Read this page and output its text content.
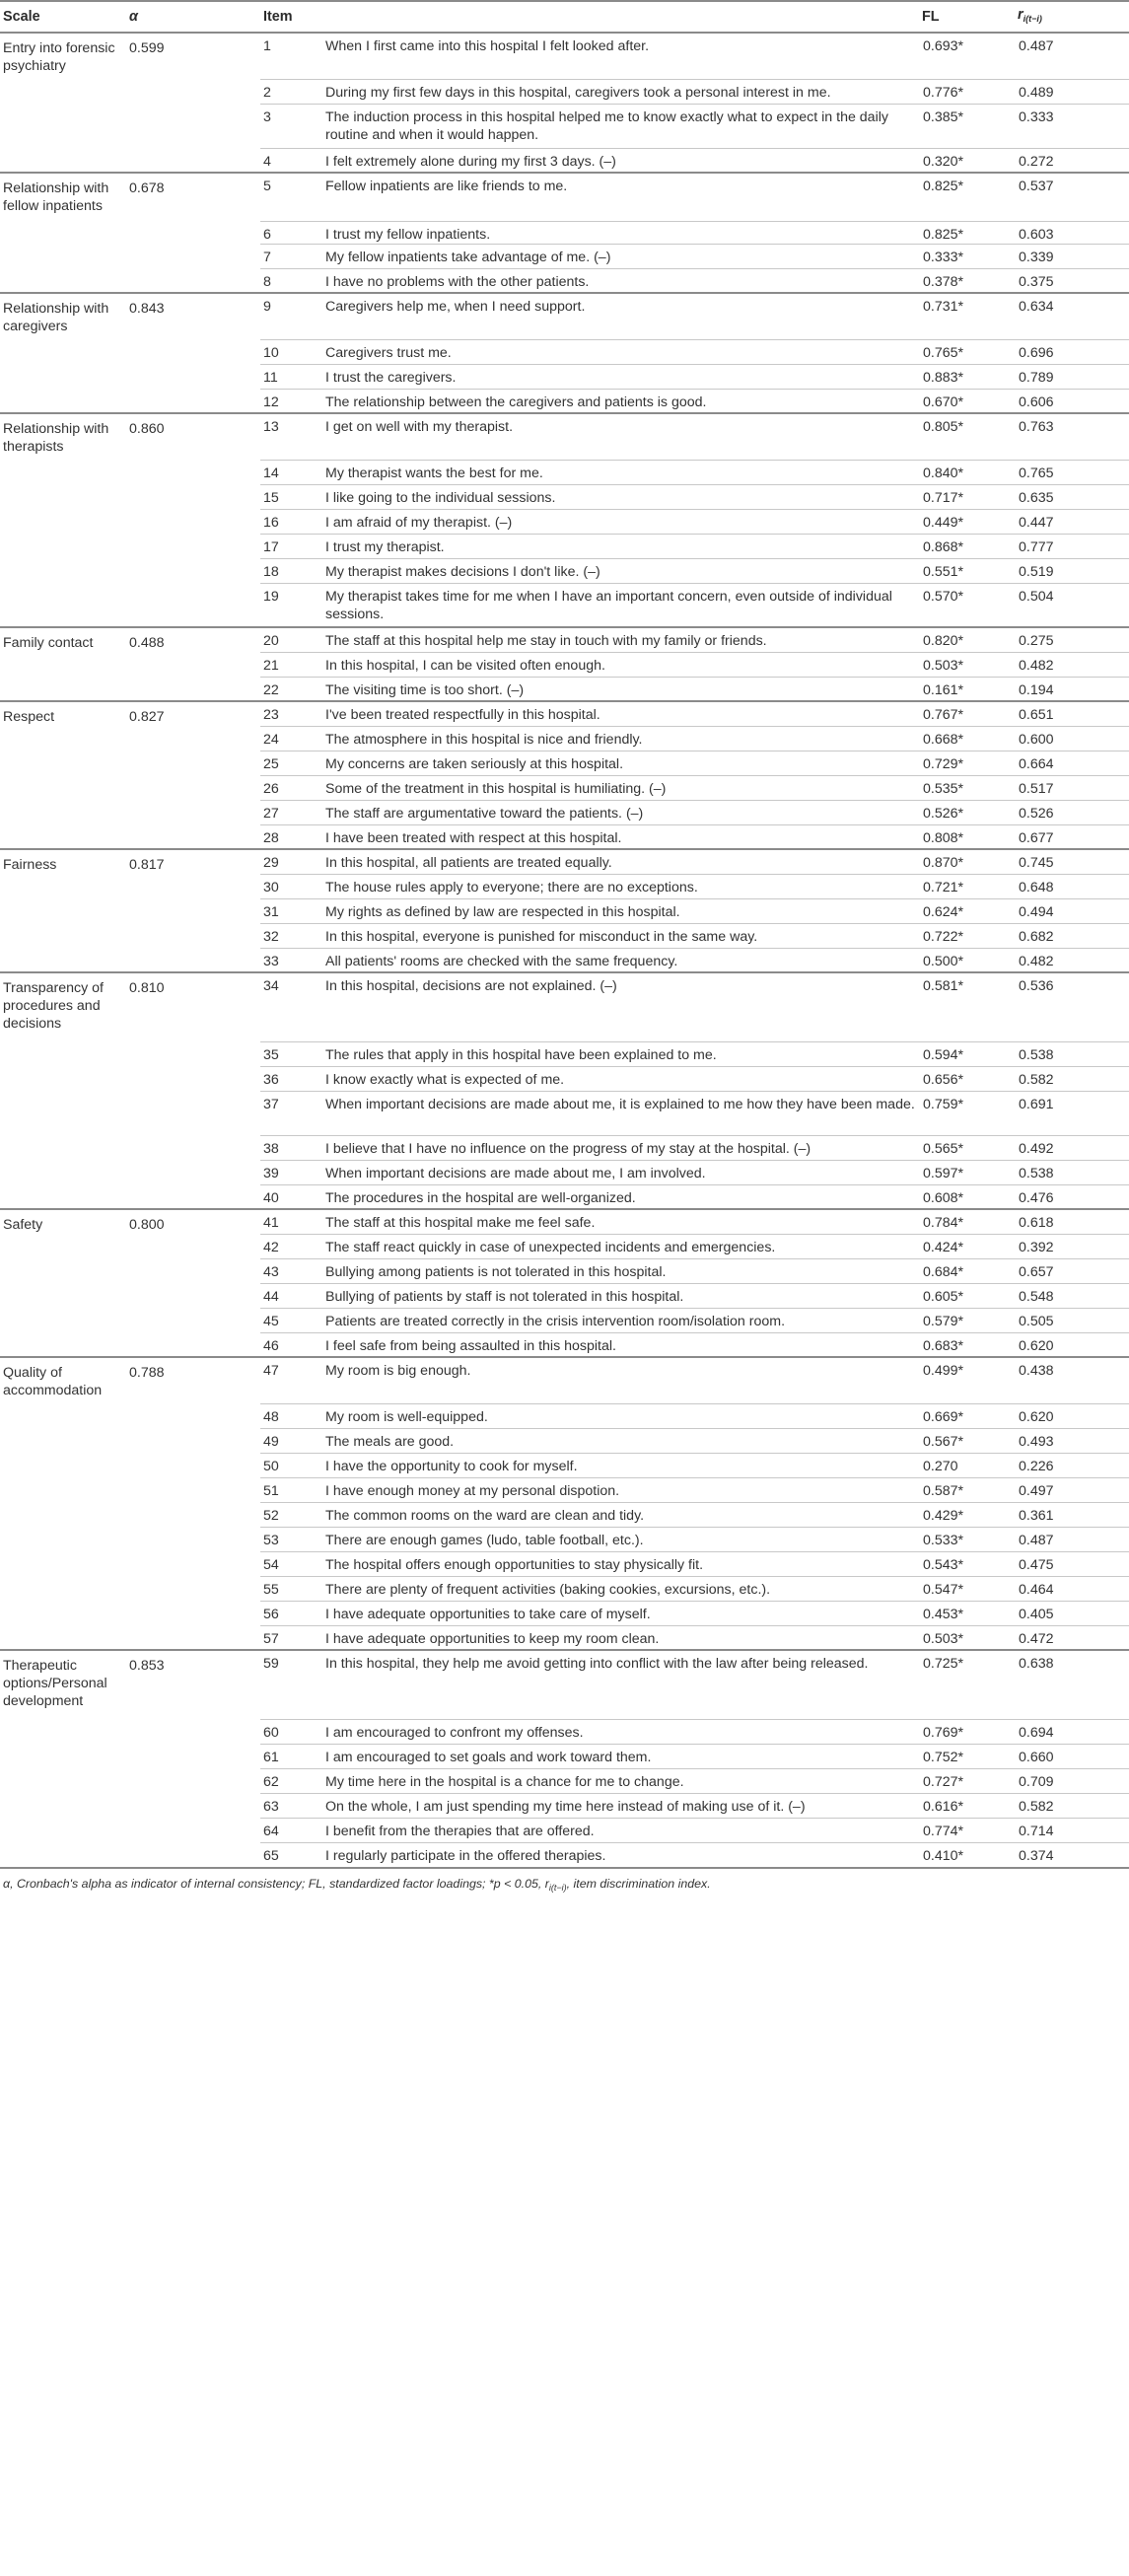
Scale	α	Item		FL	$r_{i(t-i)}$
Entry into forensic psychiatry	0.599	1	When I first came into this hospital I felt looked after.	0.693*	0.487
		2	During my first few days in this hospital, caregivers took a personal interest in me.	0.776*	0.489
		3	The induction process in this hospital helped me to know exactly what to expect in the daily routine and when it would happen.	0.385*	0.333
		4	I felt extremely alone during my first 3 days. (–)	0.320*	0.272
Relationship with fellow inpatients	0.678	5	Fellow inpatients are like friends to me.	0.825*	0.537
		6	I trust my fellow inpatients.	0.825*	0.603
		7	My fellow inpatients take advantage of me. (–)	0.333*	0.339
		8	I have no problems with the other patients.	0.378*	0.375
Relationship with caregivers	0.843	9	Caregivers help me, when I need support.	0.731*	0.634
		10	Caregivers trust me.	0.765*	0.696
		11	I trust the caregivers.	0.883*	0.789
		12	The relationship between the caregivers and patients is good.	0.670*	0.606
Relationship with therapists	0.860	13	I get on well with my therapist.	0.805*	0.763
		14	My therapist wants the best for me.	0.840*	0.765
		15	I like going to the individual sessions.	0.717*	0.635
		16	I am afraid of my therapist. (–)	0.449*	0.447
		17	I trust my therapist.	0.868*	0.777
		18	My therapist makes decisions I don't like. (–)	0.551*	0.519
		19	My therapist takes time for me when I have an important concern, even outside of individual sessions.	0.570*	0.504
Family contact	0.488	20	The staff at this hospital help me stay in touch with my family or friends.	0.820*	0.275
		21	In this hospital, I can be visited often enough.	0.503*	0.482
		22	The visiting time is too short. (–)	0.161*	0.194
Respect	0.827	23	I've been treated respectfully in this hospital.	0.767*	0.651
		24	The atmosphere in this hospital is nice and friendly.	0.668*	0.600
		25	My concerns are taken seriously at this hospital.	0.729*	0.664
		26	Some of the treatment in this hospital is humiliating. (–)	0.535*	0.517
		27	The staff are argumentative toward the patients. (–)	0.526*	0.526
		28	I have been treated with respect at this hospital.	0.808*	0.677
Fairness	0.817	29	In this hospital, all patients are treated equally.	0.870*	0.745
		30	The house rules apply to everyone; there are no exceptions.	0.721*	0.648
		31	My rights as defined by law are respected in this hospital.	0.624*	0.494
		32	In this hospital, everyone is punished for misconduct in the same way.	0.722*	0.682
		33	All patients' rooms are checked with the same frequency.	0.500*	0.482
Transparency of procedures and decisions	0.810	34	In this hospital, decisions are not explained. (–)	0.581*	0.536
		35	The rules that apply in this hospital have been explained to me.	0.594*	0.538
		36	I know exactly what is expected of me.	0.656*	0.582
		37	When important decisions are made about me, it is explained to me how they have been made.	0.759*	0.691
		38	I believe that I have no influence on the progress of my stay at the hospital. (–)	0.565*	0.492
		39	When important decisions are made about me, I am involved.	0.597*	0.538
		40	The procedures in the hospital are well-organized.	0.608*	0.476
Safety	0.800	41	The staff at this hospital make me feel safe.	0.784*	0.618
		42	The staff react quickly in case of unexpected incidents and emergencies.	0.424*	0.392
		43	Bullying among patients is not tolerated in this hospital.	0.684*	0.657
		44	Bullying of patients by staff is not tolerated in this hospital.	0.605*	0.548
		45	Patients are treated correctly in the crisis intervention room/isolation room.	0.579*	0.505
		46	I feel safe from being assaulted in this hospital.	0.683*	0.620
Quality of accommodation	0.788	47	My room is big enough.	0.499*	0.438
		48	My room is well-equipped.	0.669*	0.620
		49	The meals are good.	0.567*	0.493
		50	I have the opportunity to cook for myself.	0.270	0.226
		51	I have enough money at my personal dispotion.	0.587*	0.497
		52	The common rooms on the ward are clean and tidy.	0.429*	0.361
		53	There are enough games (ludo, table football, etc.).	0.533*	0.487
		54	The hospital offers enough opportunities to stay physically fit.	0.543*	0.475
		55	There are plenty of frequent activities (baking cookies, excursions, etc.).	0.547*	0.464
		56	I have adequate opportunities to take care of myself.	0.453*	0.405
		57	I have adequate opportunities to keep my room clean.	0.503*	0.472
Therapeutic options/Personal development	0.853	59	In this hospital, they help me avoid getting into conflict with the law after being released.	0.725*	0.638
		60	I am encouraged to confront my offenses.	0.769*	0.694
		61	I am encouraged to set goals and work toward them.	0.752*	0.660
		62	My time here in the hospital is a chance for me to change.	0.727*	0.709
		63	On the whole, I am just spending my time here instead of making use of it. (–)	0.616*	0.582
		64	I benefit from the therapies that are offered.	0.774*	0.714
		65	I regularly participate in the offered therapies.	0.410*	0.374
α, Cronbach's alpha as indicator of internal consistency; FL, standardized factor loadings; *p < 0.05, $r_{i(t-i)}$, item discrimination index.
